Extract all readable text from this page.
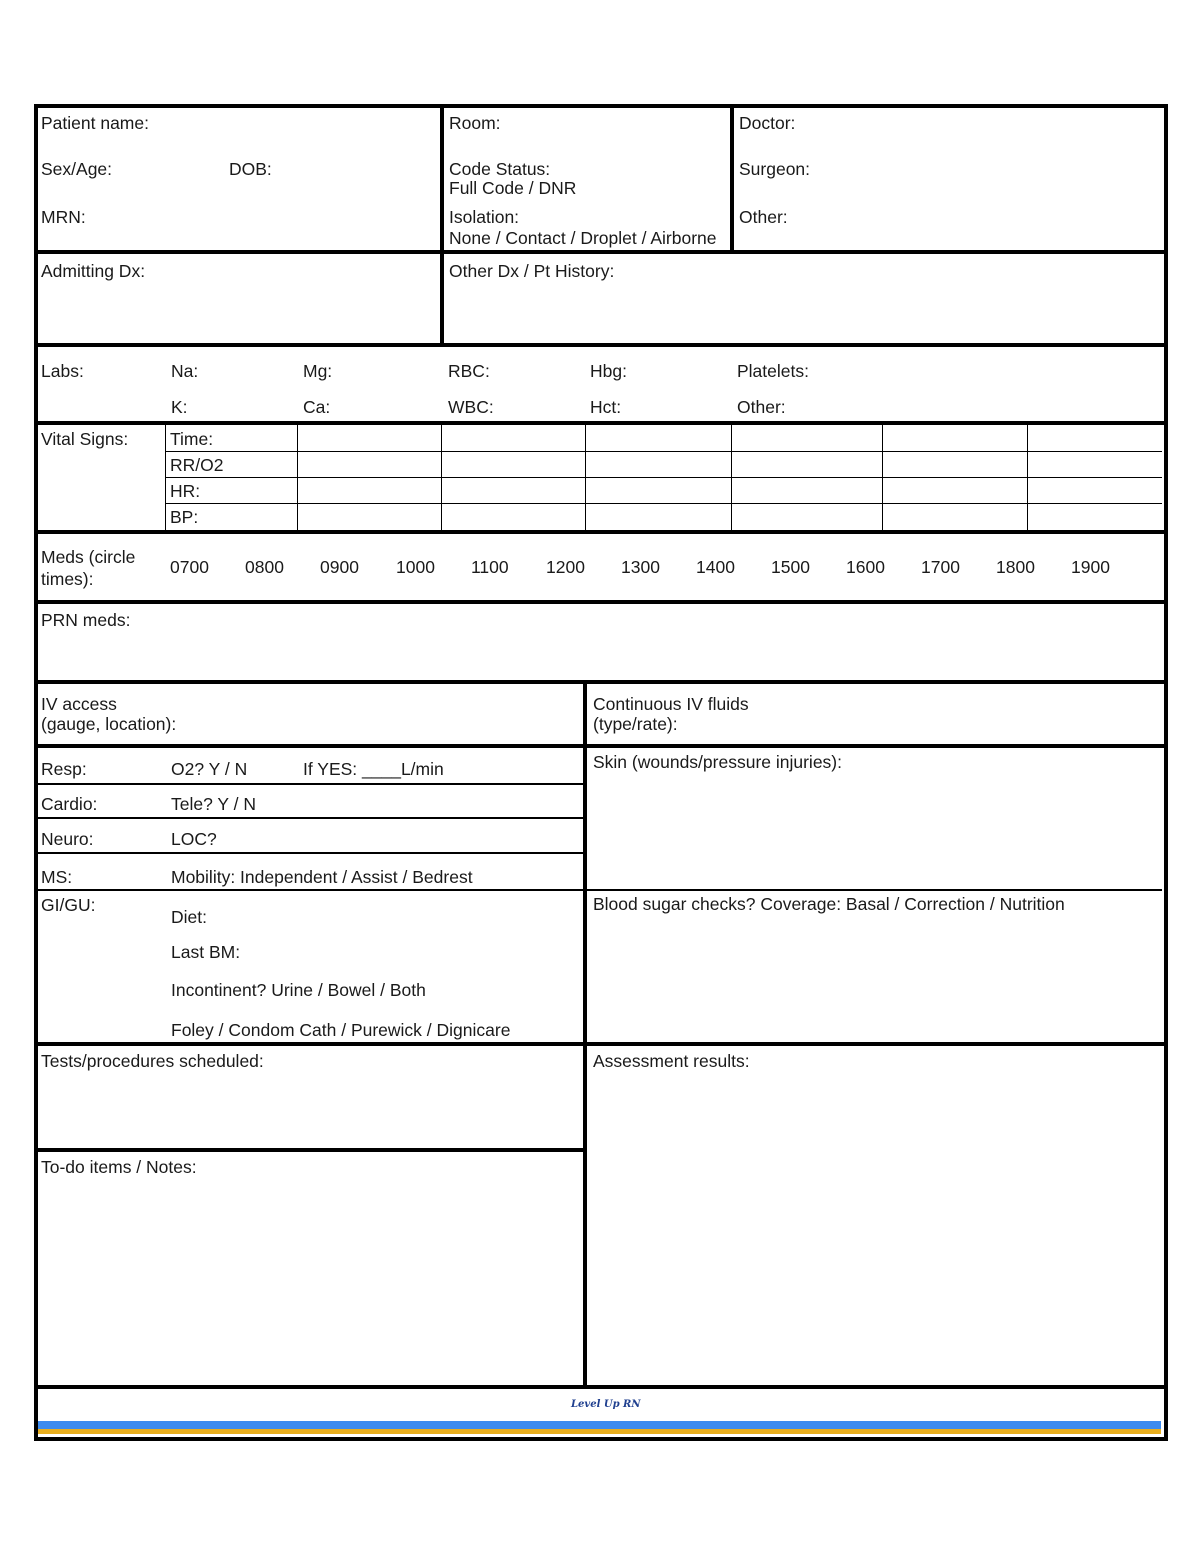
Patient name:
Sex/Age:	DOB:
MRN:
Room:
Code Status:
Full Code / DNR
Isolation:
None / Contact / Droplet / Airborne
Doctor:
Surgeon:
Other:
Admitting Dx:	Other Dx / Pt History:
Labs:	Na:	Mg:	RBC:	Hbg:	Platelets:
K:	Ca:	WBC:	Hct:	Other:
Vital Signs: Time:
RR/O2
HR:
BP:
Meds (circle
times):
0700 0800 0900 1000 1100 1200 1300 1400 1500 1600 1700 1800 1900
PRN meds:
IV access
(gauge, location):
Continuous IV fluids
(type/rate):
Resp:	O2? Y / N	If YES: ____L/min
Cardio:	Tele? Y / N
Neuro:	LOC?
MS:	Mobility: Independent / Assist / Bedrest
GI/GU:
Diet:
Last BM:
Incontinent? Urine / Bowel / Both
Foley / Condom Cath / Purewick / Dignicare
Skin (wounds/pressure injuries):
Blood sugar checks? Coverage: Basal / Correction / Nutrition
Tests/procedures scheduled:
To-do items / Notes:
Assessment results:
Level Up RN
